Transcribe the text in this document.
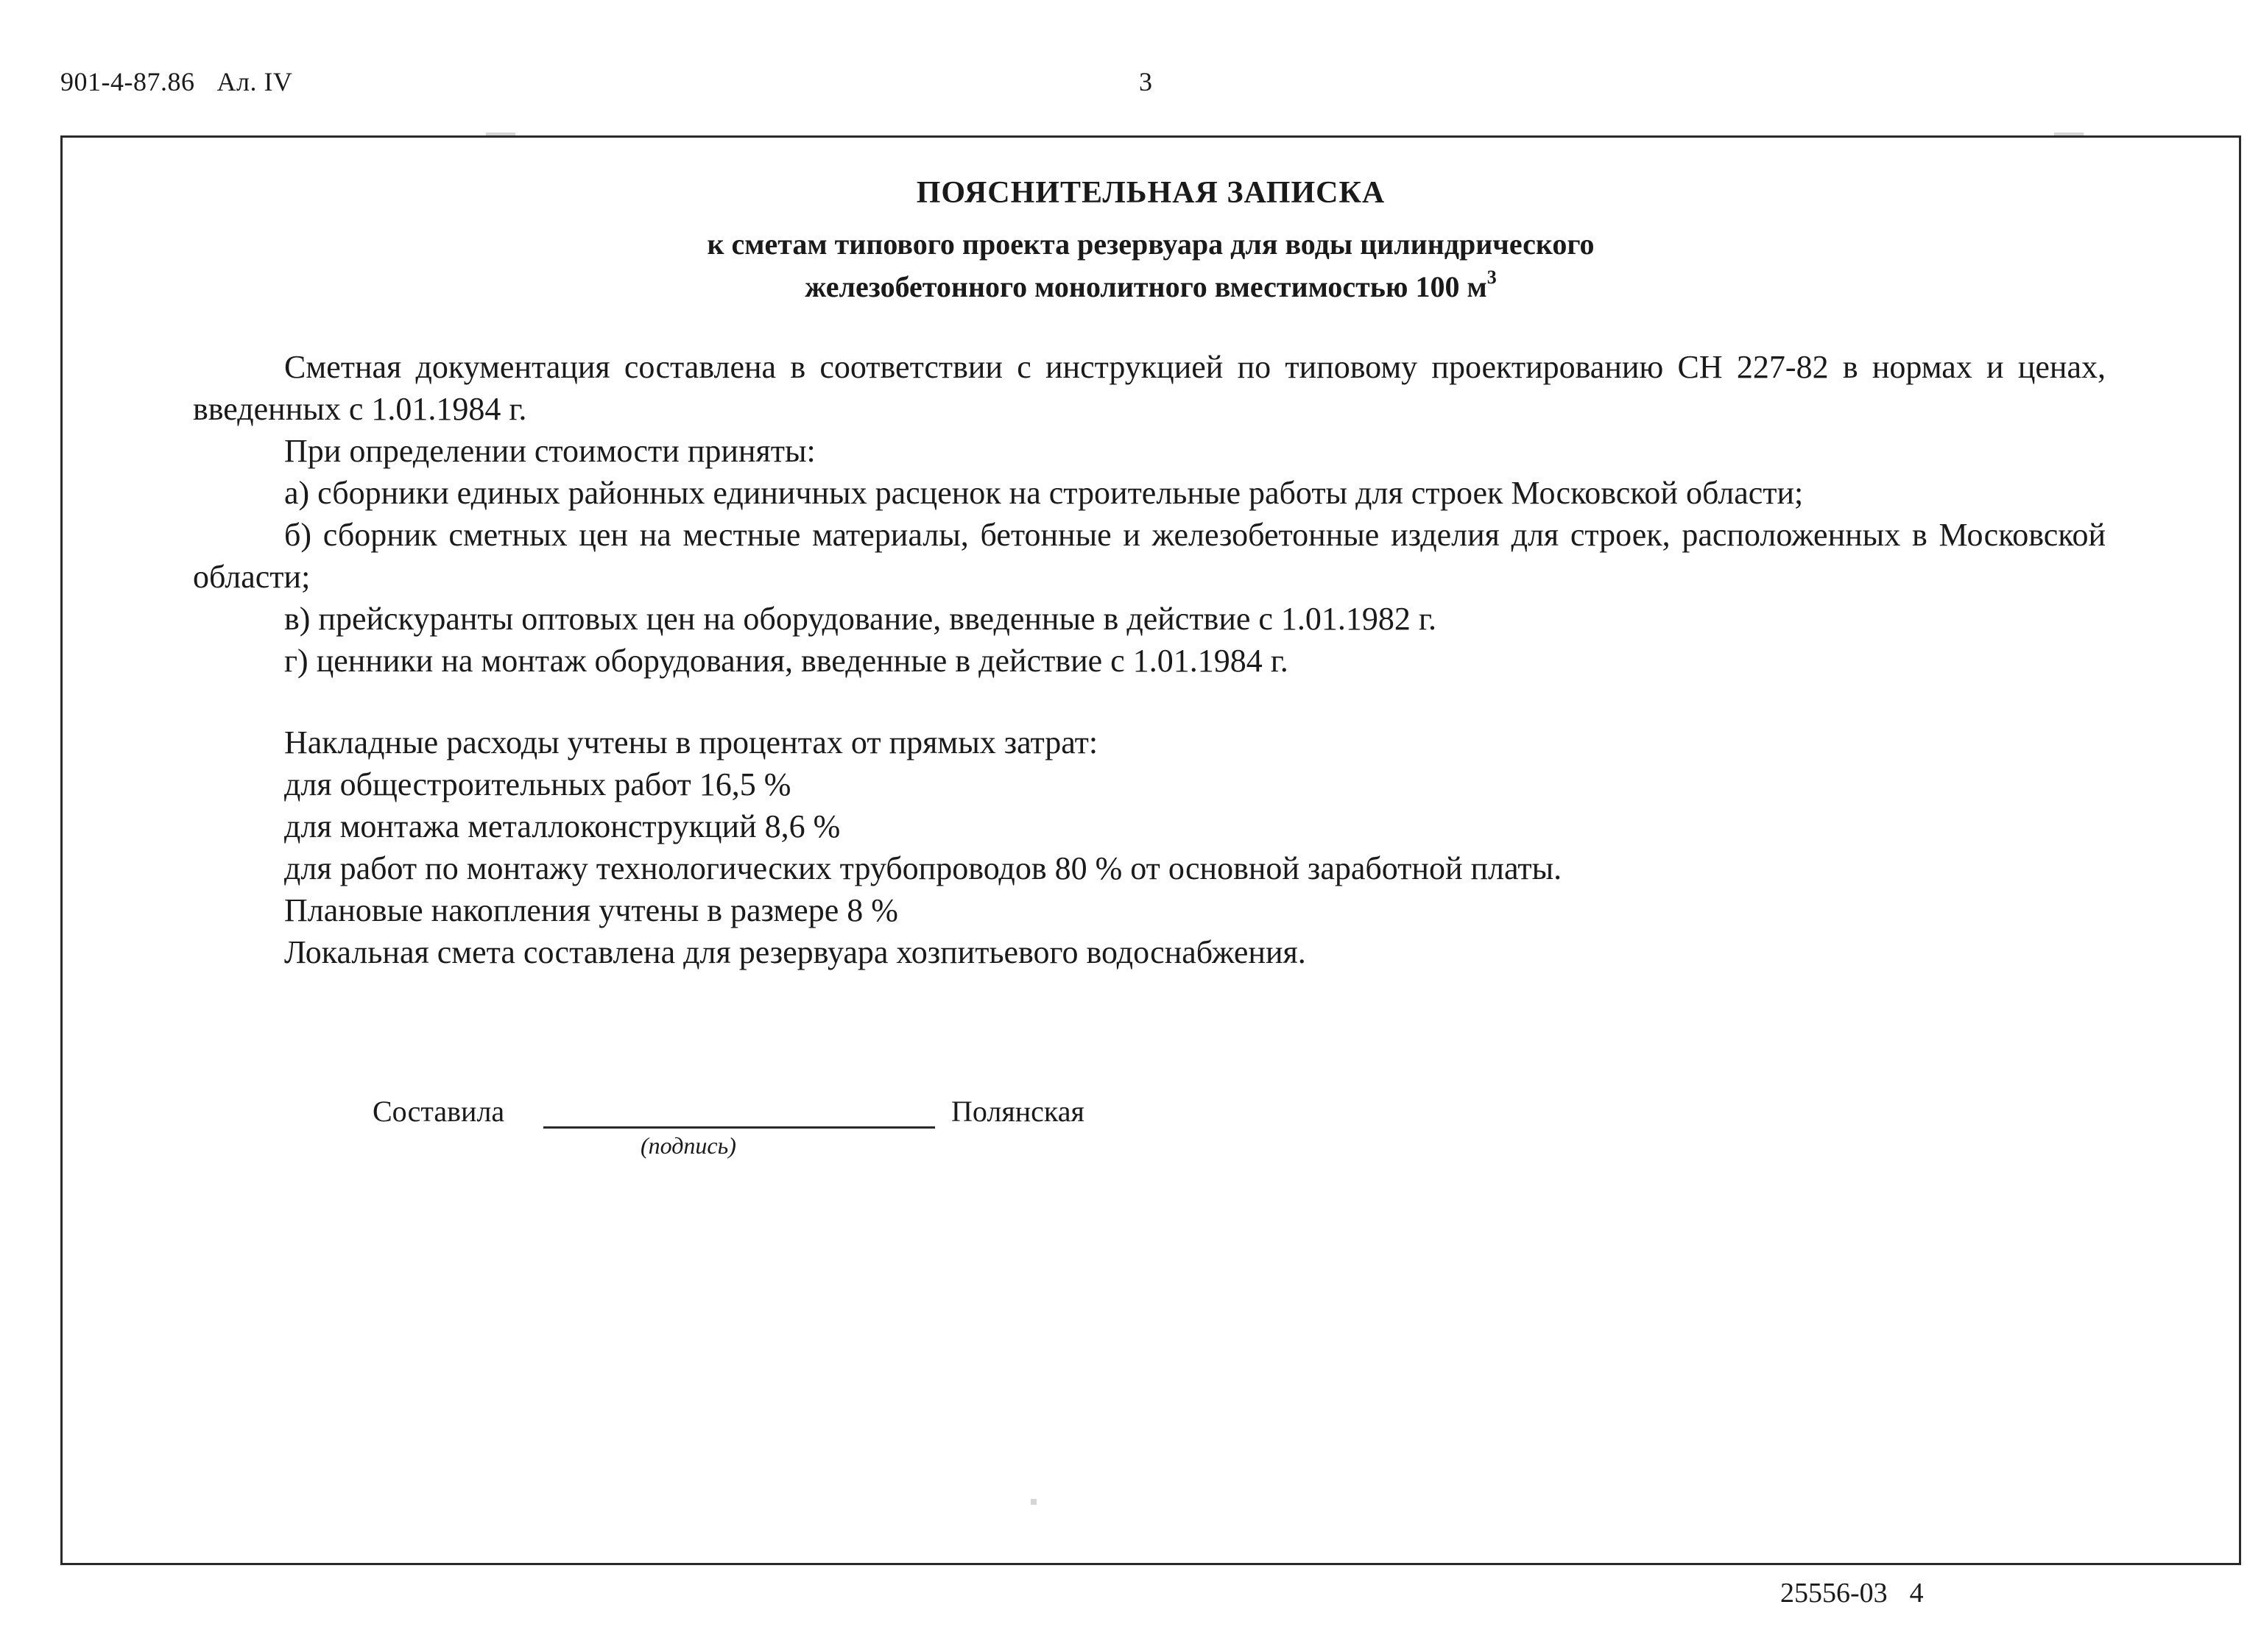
901-4-87.86 Ал. IV	3
ПОЯСНИТЕЛЬНАЯ ЗАПИСКА
к сметам типового проекта резервуара для воды цилиндрического
железобетонного монолитного вместимостью 100 $м^3$

Сметная документация составлена в соответствии с инструкцией по типовому проектированию СН 227-82 в нормах и ценах, введенных с 1.01.1984 г.

При определении стоимости приняты:

а) сборники единых районных единичных расценок на строительные работы для строек Московской области;

б) сборник сметных цен на местные материалы, бетонные и железобетонные изделия для строек, расположенных в Московской области;

в) прейскуранты оптовых цен на оборудование, введенные в действие с 1.01.1982 г.

г) ценники на монтаж оборудования, введенные в действие с 1.01.1984 г.

Накладные расходы учтены в процентах от прямых затрат:

для общестроительных работ 16,5 %

для монтажа металлоконструкций 8,6 %

для работ по монтажу технологических трубопроводов 80 % от основной заработной платы.

Плановые накопления учтены в размере 8 %

Локальная смета составлена для резервуара хозпитьевого водоснабжения.

Составила	Полянская
(подпись)
25556-03 4
